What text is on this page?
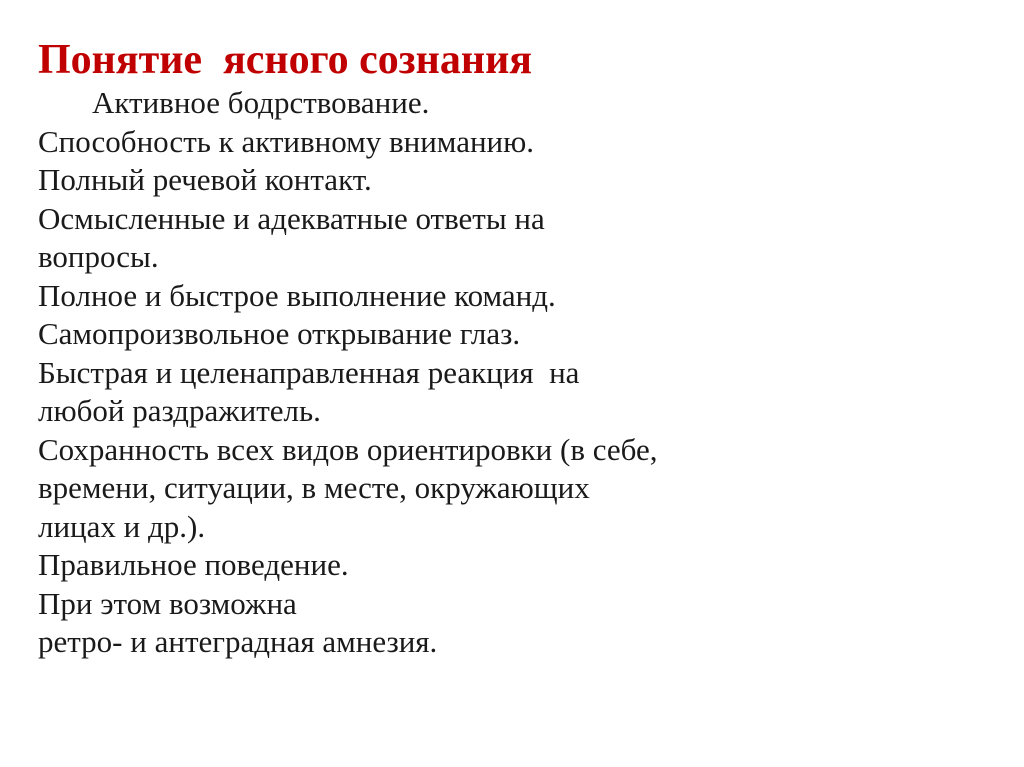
Понятие  ясного сознания
Активное бодрствование.
Способность к активному вниманию.
Полный речевой контакт.
Осмысленные и адекватные ответы на
вопросы.
Полное и быстрое выполнение команд.
Самопроизвольное открывание глаз.
Быстрая и целенаправленная реакция  на
любой раздражитель.
Сохранность всех видов ориентировки (в себе,
времени, ситуации, в месте, окружающих
лицах и др.).
Правильное поведение.
При этом возможна
ретро- и антеградная амнезия.
